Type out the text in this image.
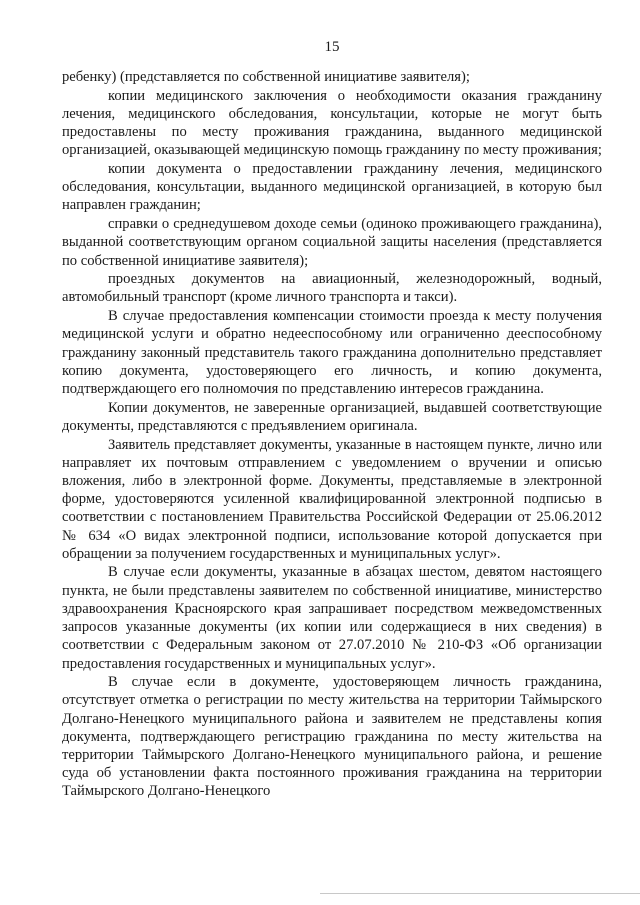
15

ребенку) (представляется по собственной инициативе заявителя);

копии медицинского заключения о необходимости оказания гражданину лечения, медицинского обследования, консультации, которые не могут быть предоставлены по месту проживания гражданина, выданного медицинской организацией, оказывающей медицинскую помощь гражданину по месту проживания;

копии документа о предоставлении гражданину лечения, медицинского обследования, консультации, выданного медицинской организацией, в которую был направлен гражданин;

справки о среднедушевом доходе семьи (одиноко проживающего гражданина), выданной соответствующим органом социальной защиты населения (представляется по собственной инициативе заявителя);

проездных документов на авиационный, железнодорожный, водный, автомобильный транспорт (кроме личного транспорта и такси).

В случае предоставления компенсации стоимости проезда к месту получения медицинской услуги и обратно недееспособному или ограниченно дееспособному гражданину законный представитель такого гражданина дополнительно представляет копию документа, удостоверяющего его личность, и копию документа, подтверждающего его полномочия по представлению интересов гражданина.

Копии документов, не заверенные организацией, выдавшей соответствующие документы, представляются с предъявлением оригинала.

Заявитель представляет документы, указанные в настоящем пункте, лично или направляет их почтовым отправлением с уведомлением о вручении и описью вложения, либо в электронной форме. Документы, представляемые в электронной форме, удостоверяются усиленной квалифицированной электронной подписью в соответствии с постановлением Правительства Российской Федерации от 25.06.2012 № 634 «О видах электронной подписи, использование которой допускается при обращении за получением государственных и муниципальных услуг».

В случае если документы, указанные в абзацах шестом, девятом настоящего пункта, не были представлены заявителем по собственной инициативе, министерство здравоохранения Красноярского края запрашивает посредством межведомственных запросов указанные документы (их копии или содержащиеся в них сведения) в соответствии с Федеральным законом от 27.07.2010 № 210-ФЗ «Об организации предоставления государственных и муниципальных услуг».

В случае если в документе, удостоверяющем личность гражданина, отсутствует отметка о регистрации по месту жительства на территории Таймырского Долгано-Ненецкого муниципального района и заявителем не представлены копия документа, подтверждающего регистрацию гражданина по месту жительства на территории Таймырского Долгано-Ненецкого муниципального района, и решение суда об установлении факта постоянного проживания гражданина на территории Таймырского Долгано-Ненецкого
